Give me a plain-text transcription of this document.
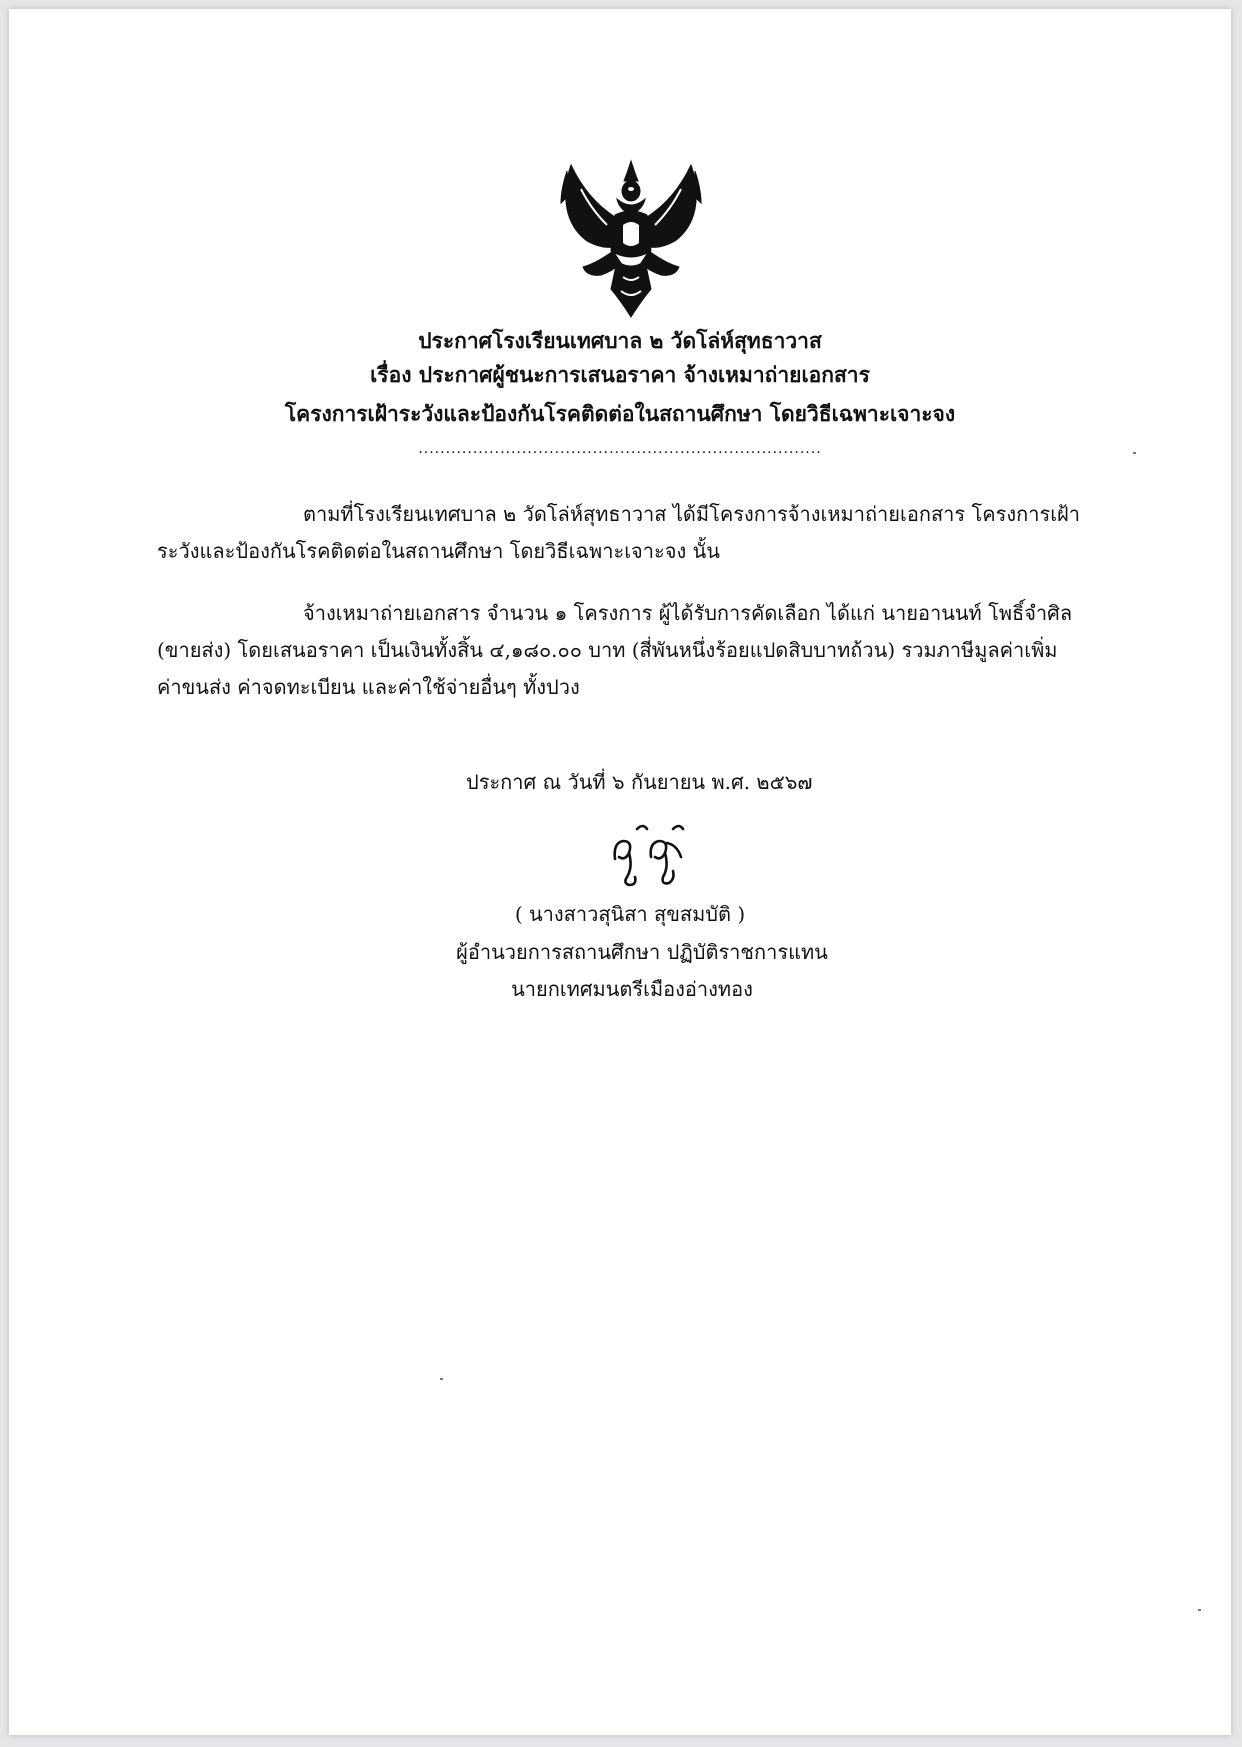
ประกาศโรงเรียนเทศบาล ๒ วัดโล่ห์สุทธาวาส
เรื่อง ประกาศผู้ชนะการเสนอราคา จ้างเหมาถ่ายเอกสาร
โครงการเฝ้าระวังและป้องกันโรคติดต่อในสถานศึกษา โดยวิธีเฉพาะเจาะจง
..........................................................................
ตามที่โรงเรียนเทศบาล ๒ วัดโล่ห์สุทธาวาส ได้มีโครงการจ้างเหมาถ่ายเอกสาร โครงการเฝ้า
ระวังและป้องกันโรคติดต่อในสถานศึกษา โดยวิธีเฉพาะเจาะจง นั้น
จ้างเหมาถ่ายเอกสาร จำนวน ๑ โครงการ ผู้ได้รับการคัดเลือก ได้แก่ นายอานนท์ โพธิ์จำศิล
(ขายส่ง) โดยเสนอราคา เป็นเงินทั้งสิ้น ๔,๑๘๐.๐๐ บาท (สี่พันหนึ่งร้อยแปดสิบบาทถ้วน) รวมภาษีมูลค่าเพิ่ม
ค่าขนส่ง ค่าจดทะเบียน และค่าใช้จ่ายอื่นๆ ทั้งปวง
ประกาศ ณ วันที่ ๖ กันยายน พ.ศ. ๒๕๖๗
( นางสาวสุนิสา สุขสมบัติ )
ผู้อำนวยการสถานศึกษา ปฏิบัติราชการแทน
นายกเทศมนตรีเมืองอ่างทอง
